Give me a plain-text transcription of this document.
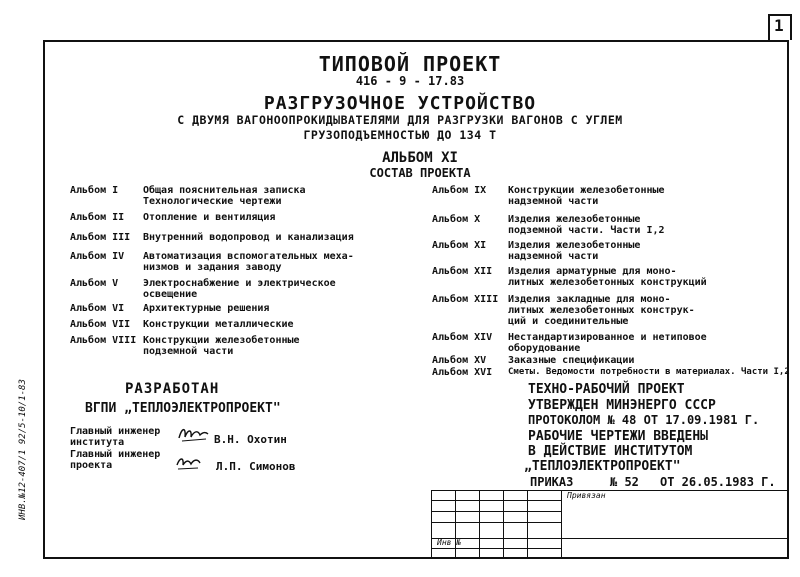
1
ТИПОВОЙ ПРОЕКТ
416 - 9 - 17.83
РАЗГРУЗОЧНОЕ УСТРОЙСТВО
С ДВУМЯ ВАГОНООПРОКИДЫВАТЕЛЯМИ ДЛЯ РАЗГРУЗКИ ВАГОНОВ С УГЛЕМ
ГРУЗОПОДЪЕМНОСТЬЮ ДО 134 Т
АЛЬБОМ XI
СОСТАВ ПРОЕКТА
Альбом I Общая пояснительная записка
Технологические чертежи
Альбом II Отопление и вентиляция
Альбом III Внутренний водопровод и канализация
Альбом IV Автоматизация вспомогательных меха-
низмов и задания заводу
Альбом V Электроснабжение и электрическое
освещение
Альбом VI Архитектурные решения
Альбом VII Конструкции металлические
Альбом VIII Конструкции железобетонные
подземной части
Альбом IX Конструкции железобетонные
надземной части
Альбом X	Изделия железобетонные
подземной части. Части I,2
Альбом XI Изделия железобетонные
надземной части
Альбом XII Изделия арматурные для моно-
литных железобетонных конструкций
Альбом XIII Изделия закладные для моно-
литных железобетонных конструк-
ций и соединительные
Альбом XIV Нестандартизированное и нетиповое
оборудование
Альбом XV Заказные спецификации
Альбом XVI Сметы. Ведомости потребности в материалах. Части I,2
РАЗРАБОТАН
ВГПИ „ТЕПЛОЭЛЕКТРОПРОЕКТ"
Главный инженер
института	В.Н. Охотин
Главный инженер
проекта	Л.П. Симонов
ТЕХНО-РАБОЧИЙ ПРОЕКТ
УТВЕРЖДЕН МИНЭНЕРГО СССР
ПРОТОКОЛОМ № 48 ОТ 17.09.1981 Г.
РАБОЧИЕ ЧЕРТЕЖИ ВВЕДЕНЫ
В ДЕЙСТВИЕ ИНСТИТУТОМ
„ТЕПЛОЭЛЕКТРОПРОЕКТ"
ПРИКАЗ	№ 52 ОТ 26.05.1983 Г.
Привязан
Инв №
ИНВ.№12-407/1 92/5-10/1-83
